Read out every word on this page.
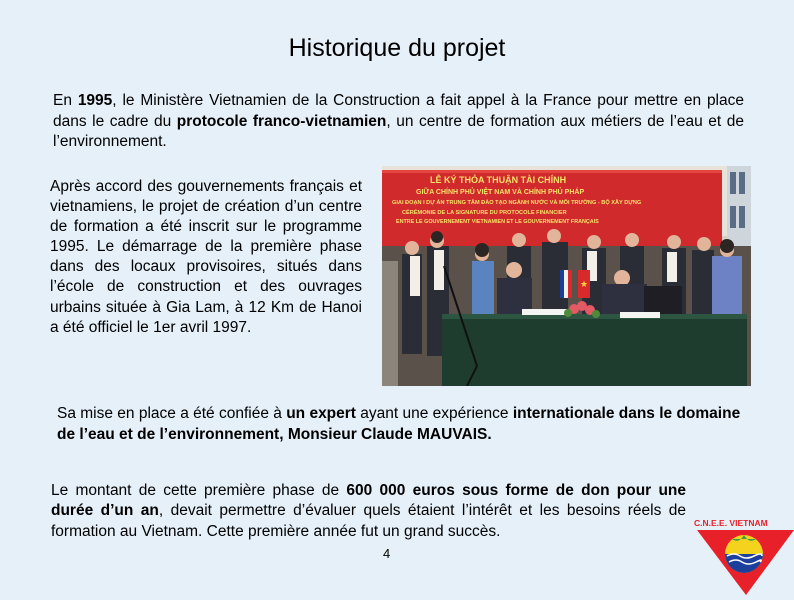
Historique du projet

En 1995, le Ministère Vietnamien de la Construction a fait appel à la France pour mettre en place dans le cadre du protocole franco-vietnamien, un centre de formation aux métiers de l’eau et de l’environnement.

Après accord des gouvernements français et vietnamiens, le projet de création d’un centre de formation a été inscrit sur le programme 1995. Le démarrage de la première phase dans des locaux provisoires, situés dans l’école de construction et des ouvrages urbains située à Gia Lam, à 12 Km de Hanoi a été officiel le 1er avril 1997.

LỄ KÝ THỎA THUẬN TÀI CHÍNH
GIỮA CHÍNH PHỦ VIỆT NAM VÀ CHÍNH PHỦ PHÁP
GIAI ĐOẠN I DỰ ÁN TRUNG TÂM ĐÀO TẠO NGÀNH NƯỚC VÀ MÔI TRƯỜNG - BỘ XÂY DỰNG
CÉRÉMONIE DE LA SIGNATURE DU PROTOCOLE FINANCIER
ENTRE LE GOUVERNEMENT VIETNAMIEN ET LE GOUVERNEMENT FRANÇAIS
★

Sa mise en place a été confiée à un expert ayant une expérience internationale dans le domaine de l’eau et de l’environnement, Monsieur Claude MAUVAIS.

Le montant de cette première phase de 600 000 euros sous forme de don pour une durée d’un an, devait permettre d’évaluer quels étaient l’intérêt et les besoins réels de formation au Vietnam. Cette première année fut un grand succès.

4
C.N.E.E. VIETNAM
